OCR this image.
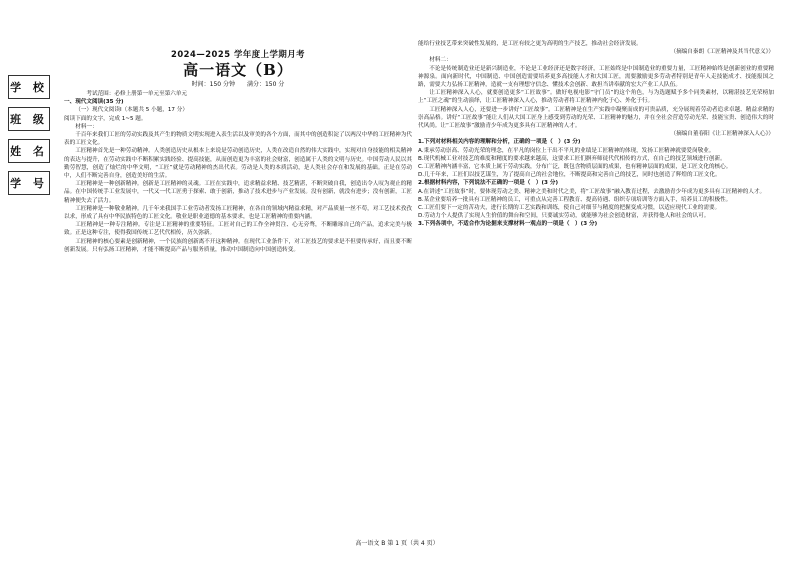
学 校
班 级
姓 名
学 号
2024—2025 学年度上学期月考
高一语文（B）
时间：150 分钟　　满分：150 分

考试范围：必修上册第一单元至第六单元

一、现代文阅读(35 分)

（一）现代文阅读Ⅰ（本题共 5 小题，17 分）

阅读下面的文字，完成 1~5 题。

材料一：

千百年来我们工匠的劳动实践及其产生的物质文明实现进入表生活以及审美的各个方面，而其中的创造积淀了以两汉中华的工匠精神为代表的工匠文化。

工匠精神首先是一种劳动精神。人类创造历史从根本上来说是劳动创造历史，人类在改造自然的伟大实践中，实现对自身技能的相关精神的表达与提升，在劳动实践中不断积累实践经验、提高技能，从而创造更为丰富的社会财富，创造属于人类的文明与历史。中国劳动人民以其勤劳智慧，创造了灿烂的中华文明，“工匠”就是劳动精神的杰出代表。劳动是人类的本质活动，是人类社会存在和发展的基础。正是在劳动中，人们不断完善自身，创造美好的生活。

工匠精神是一种创新精神。创新是工匠精神的灵魂。工匠在实践中，追求精益求精、技艺精湛，不断突破自我，创造出令人叹为观止的精品。在中国传统手工业发展中，一代又一代工匠勇于探索、敢于创新，推动了技术进步与产业发展。没有创新，就没有进步；没有创新，工匠精神便失去了活力。

工匠精神是一种敬业精神。几千年来我国手工业劳动者发扬工匠精神，在各自的领域内精益求精，对产品质量一丝不苟，对工艺技术孜孜以求，形成了具有中华民族特色的工匠文化。敬业是职业道德的基本要求，也是工匠精神的重要内涵。

工匠精神是一种专注精神。专注是工匠精神的重要特征。工匠对自己的工作全神贯注、心无旁骛，不断雕琢自己的产品，追求完美与极致。正是这种专注，使得我国传统工艺代代相传，历久弥新。

工匠精神的核心要素是创新精神，一个民族的创新离不开这种精神。在现代工业条件下，对工匠技艺的要求是不但要传承好，而且要不断创新发展。只有弘扬工匠精神，才能不断提高产品与服务质量，推动中国制造向中国创造转变。

能给行业技艺带来突破性发展的，是工匠有较之更为高明的生产技艺，推动社会经济发展。

（摘编自秦朗《工匠精神及其当代意义》）

材料二：

不论是传统制造业还是新兴制造业，不论是工业经济还是数字经济，工匠始终是中国制造业的重要力量，工匠精神始终是创新创业的重要精神源泉。面向新时代，中国制造、中国创造需要培养更多高技能人才和大国工匠，需要激励更多劳动者特别是青年人走技能成才、技能报国之路，需要大力弘扬工匠精神，造就一支有理想守信念、懂技术会创新、敢担当讲奉献的宏大产业工人队伍。

让工匠精神深入人心，就要创造更多“工匠故事”。做好电视电影“守门员”的这个角色，与为选题赋予多个同类素材，以精湛技艺光荣榜加上“工匠之魂”的生动演绎，让工匠精神深入人心，推动劳动者将工匠精神内化于心、外化于行。

工匠精神深入人心，还要进一步讲好“工匠故事”。工匠精神是在生产实践中凝聚而成的可贵品质，充分展现着劳动者追求卓越、精益求精的崇高品格。讲好“工匠故事”能让人们从大国工匠身上感受到劳动的光荣、工匠精神的魅力，并在全社会营造劳动光荣、技能宝贵、创造伟大的时代风尚。让“工匠故事”激励青少年成为更多具有工匠精神的人才。

（摘编自董春阳《让工匠精神深入人心》）

1.下列对材料相关内容的理解和分析，正确的一项是（　）(3 分)

A.秉承劳动崇高、劳动光荣的理念，在平凡的岗位上干出不平凡的业绩是工匠精神的体现，发扬工匠精神就要爱岗敬业。

B.现代机械工业对技艺的难度和精度的要求越来越高，这要求工匠们摒弃师徒代代相传的方式，在自己的技艺领域进行创新。

C.工匠精神内涵丰富，它本质上属于劳动实践，分布广泛，既包含物质层面的成果，也有精神层面的成果，是工匠文化的核心。

D.几千年来，工匠们以技艺谋生，为了提高自己的社会地位，不断提高和完善自己的技艺，同时也创造了辉煌的工匠文化。

2.根据材料内容，下列说法不正确的一项是（　）(3 分)

A.在讲述“工匠故事”时，要体现劳动之美、精神之美和时代之美，将“工匠故事”融入教育过程，去激励青少年成为更多具有工匠精神的人才。

B.某企业要培养一批具有工匠精神的员工，可重点从完善工程教育、提高待遇、组织专项培训等方面入手，培养员工的积极性。

C.工匠们要下一定的苦功夫，进行长期的工艺实践和训练，使自己对细节与精度的把握变成习惯，以适应现代工业的需要。

D.劳动力个人提供了实现人生价值的舞台和空间，只要诚实劳动，就能够为社会创造财富，并获得他人和社会的认可。

3.下列各项中，不适合作为论据来支撑材料一观点的一项是（　）(3 分)

高一语文 B 第 1 页（共 4 页）
